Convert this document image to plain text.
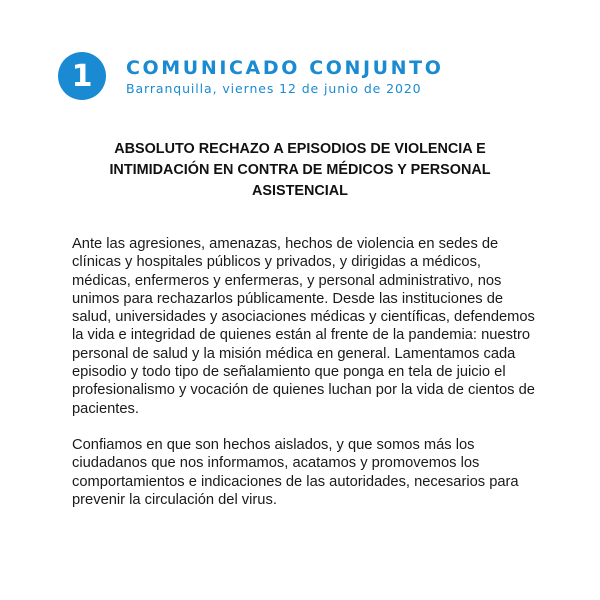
1	COMUNICADO CONJUNTO
Barranquilla, viernes 12 de junio de 2020
ABSOLUTO RECHAZO A EPISODIOS DE VIOLENCIA E INTIMIDACIÓN EN CONTRA DE MÉDICOS Y PERSONAL ASISTENCIAL

Ante las agresiones, amenazas, hechos de violencia en sedes de clínicas y hospitales públicos y privados, y dirigidas a médicos, médicas, enfermeros y enfermeras, y personal administrativo, nos unimos para rechazarlos públicamente. Desde las instituciones de salud, universidades y asociaciones médicas y científicas, defendemos la vida e integridad de quienes están al frente de la pandemia: nuestro personal de salud y la misión médica en general. Lamentamos cada episodio y todo tipo de señalamiento que ponga en tela de juicio el profesionalismo y vocación de quienes luchan por la vida de cientos de pacientes.

Confiamos en que son hechos aislados, y que somos más los ciudadanos que nos informamos, acatamos y promovemos los comportamientos e indicaciones de las autoridades, necesarios para prevenir la circulación del virus.
